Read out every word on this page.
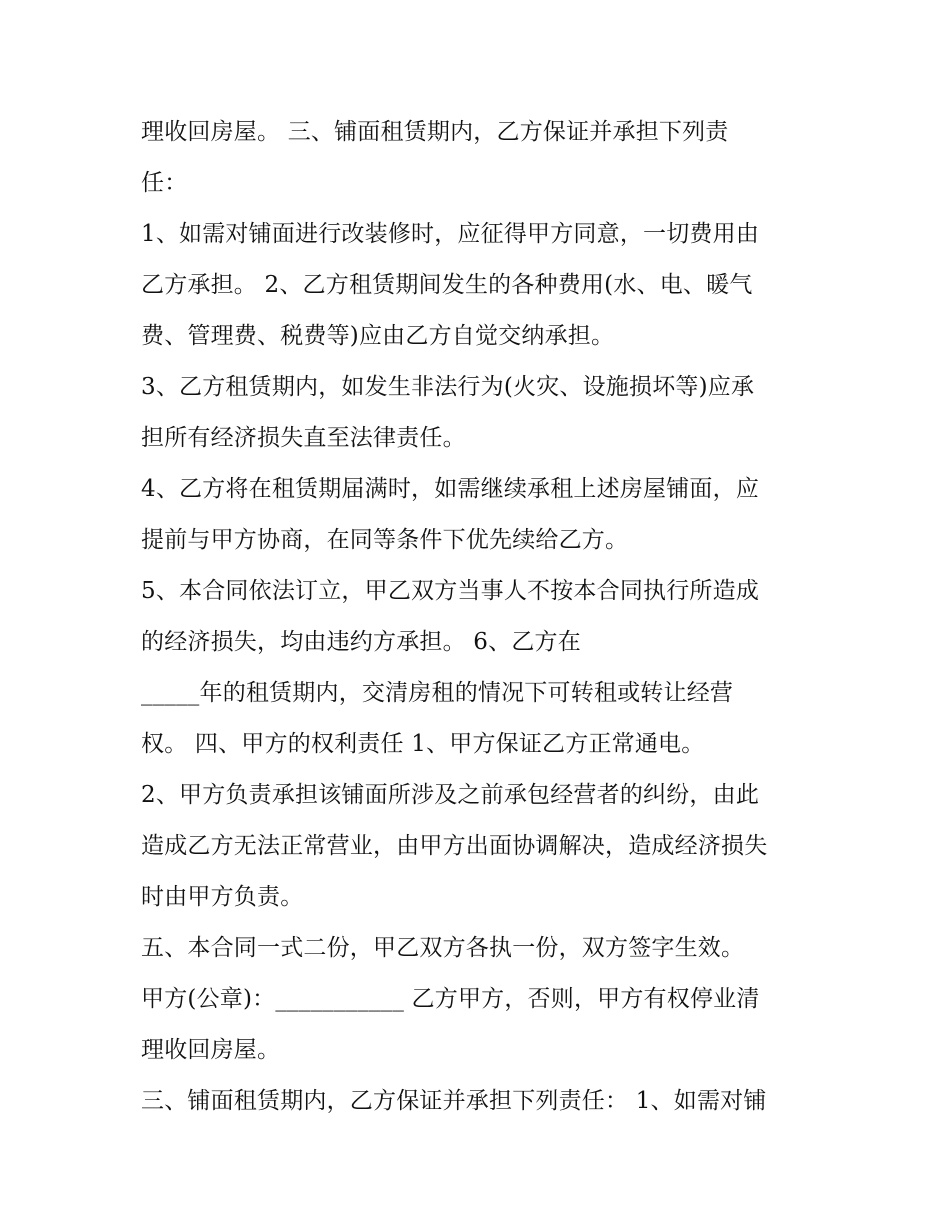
理收回房屋。 三、铺面租赁期内，乙方保证并承担下列责
任：
1、如需对铺面进行改装修时，应征得甲方同意，一切费用由
乙方承担。 2、乙方租赁期间发生的各种费用(水、电、暖气
费、管理费、税费等)应由乙方自觉交纳承担。
3、乙方租赁期内，如发生非法行为(火灾、设施损坏等)应承
担所有经济损失直至法律责任。
4、乙方将在租赁期届满时，如需继续承租上述房屋铺面，应
提前与甲方协商，在同等条件下优先续给乙方。
5、本合同依法订立，甲乙双方当事人不按本合同执行所造成
的经济损失，均由违约方承担。 6、乙方在
_____年的租赁期内，交清房租的情况下可转租或转让经营
权。 四、甲方的权利责任 1、甲方保证乙方正常通电。
2、甲方负责承担该铺面所涉及之前承包经营者的纠纷，由此
造成乙方无法正常营业，由甲方出面协调解决，造成经济损失
时由甲方负责。
五、本合同一式二份，甲乙双方各执一份，双方签字生效。
甲方(公章)：___________ 乙方甲方，否则，甲方有权停业清
理收回房屋。
三、铺面租赁期内，乙方保证并承担下列责任： 1、如需对铺
